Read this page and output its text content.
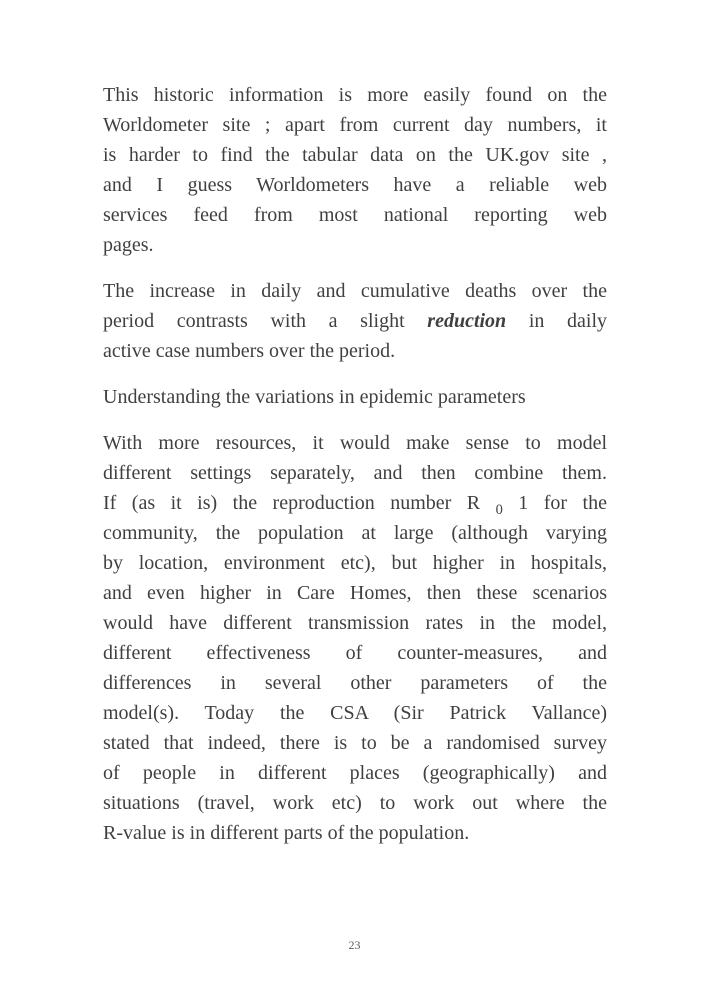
This historic information is more easily found on the
Worldometer site ; apart from current day numbers, it
is harder to find the tabular data on the UK.gov site ,
and I guess Worldometers have a reliable web
services feed from most national reporting web
pages.
The increase in daily and cumulative deaths over the
period contrasts with a slight reduction in daily
active case numbers over the period.
Understanding the variations in epidemic parameters
With more resources, it would make sense to model
different settings separately, and then combine them.
If (as it is) the reproduction number R $_0$ 1 for the
community, the population at large (although varying
by location, environment etc), but higher in hospitals,
and even higher in Care Homes, then these scenarios
would have different transmission rates in the model,
different effectiveness of counter-measures, and
differences in several other parameters of the
model(s). Today the CSA (Sir Patrick Vallance)
stated that indeed, there is to be a randomised survey
of people in different places (geographically) and
situations (travel, work etc) to work out where the
R-value is in different parts of the population.
23
